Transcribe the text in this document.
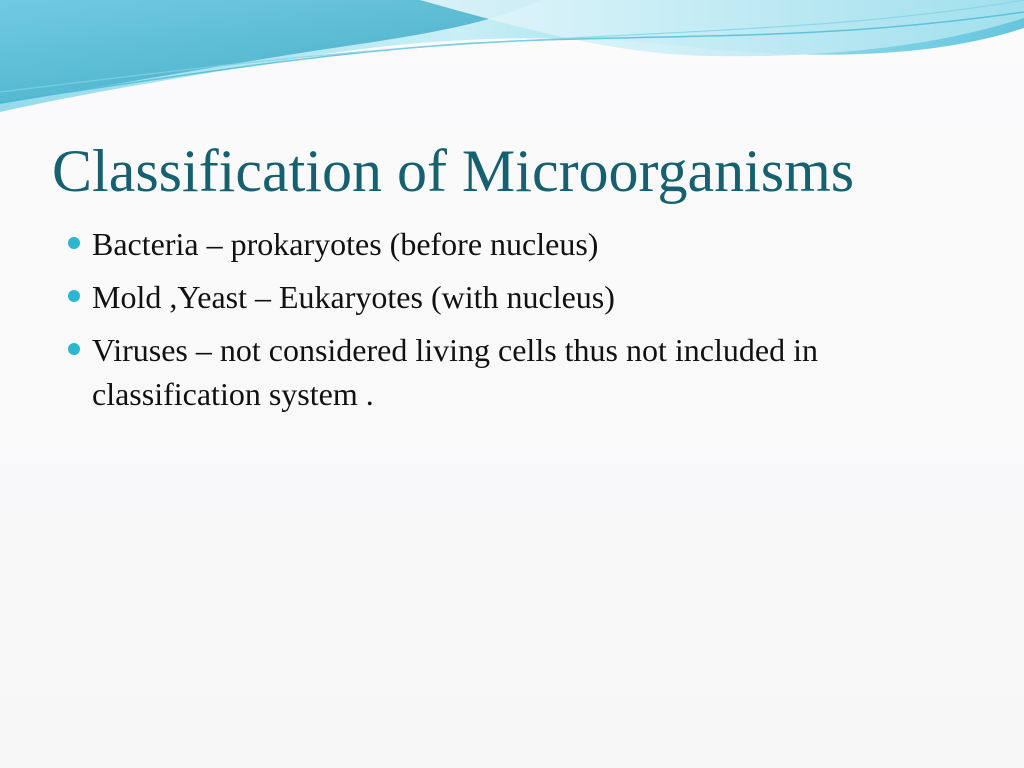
Classification of Microorganisms
Bacteria – prokaryotes (before nucleus)
Mold ,Yeast – Eukaryotes (with nucleus)
Viruses – not considered living cells thus not included in classification system .
